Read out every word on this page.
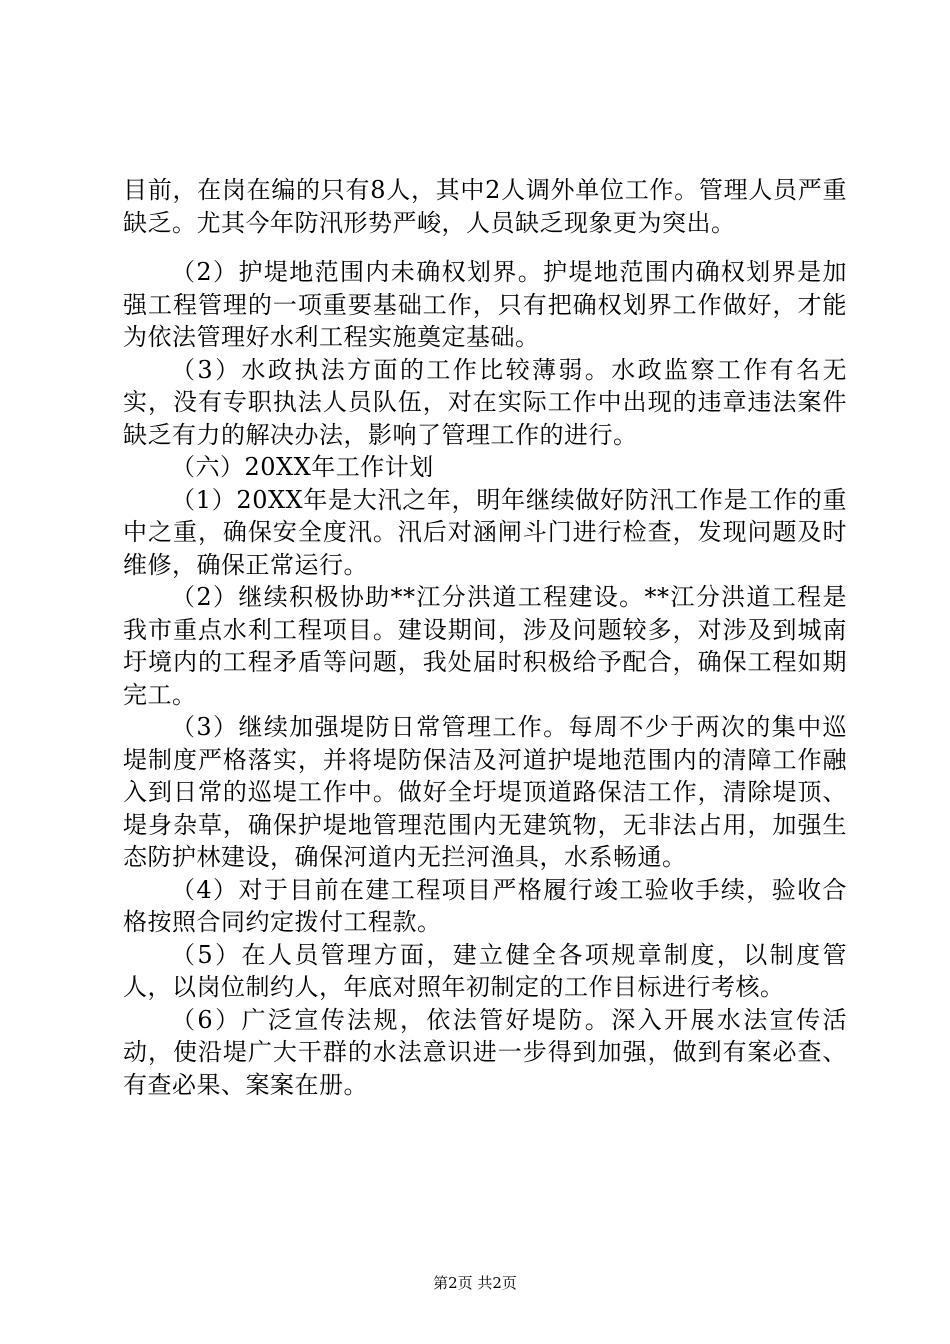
目前，在岗在编的只有8人，其中2人调外单位工作。管理人员严重缺乏。尤其今年防汛形势严峻，人员缺乏现象更为突出。

（2）护堤地范围内未确权划界。护堤地范围内确权划界是加强工程管理的一项重要基础工作，只有把确权划界工作做好，才能为依法管理好水利工程实施奠定基础。

（3）水政执法方面的工作比较薄弱。水政监察工作有名无实，没有专职执法人员队伍，对在实际工作中出现的违章违法案件缺乏有力的解决办法，影响了管理工作的进行。

（六）20XX年工作计划

（1）20XX年是大汛之年，明年继续做好防汛工作是工作的重中之重，确保安全度汛。汛后对涵闸斗门进行检查，发现问题及时维修，确保正常运行。

（2）继续积极协助**江分洪道工程建设。**江分洪道工程是我市重点水利工程项目。建设期间，涉及问题较多，对涉及到城南圩境内的工程矛盾等问题，我处届时积极给予配合，确保工程如期完工。

（3）继续加强堤防日常管理工作。每周不少于两次的集中巡堤制度严格落实，并将堤防保洁及河道护堤地范围内的清障工作融入到日常的巡堤工作中。做好全圩堤顶道路保洁工作，清除堤顶、堤身杂草，确保护堤地管理范围内无建筑物，无非法占用，加强生态防护林建设，确保河道内无拦河渔具，水系畅通。

（4）对于目前在建工程项目严格履行竣工验收手续，验收合格按照合同约定拨付工程款。

（5）在人员管理方面，建立健全各项规章制度，以制度管人，以岗位制约人，年底对照年初制定的工作目标进行考核。

（6）广泛宣传法规，依法管好堤防。深入开展水法宣传活动，使沿堤广大干群的水法意识进一步得到加强，做到有案必查、有查必果、案案在册。

第2页 共2页
